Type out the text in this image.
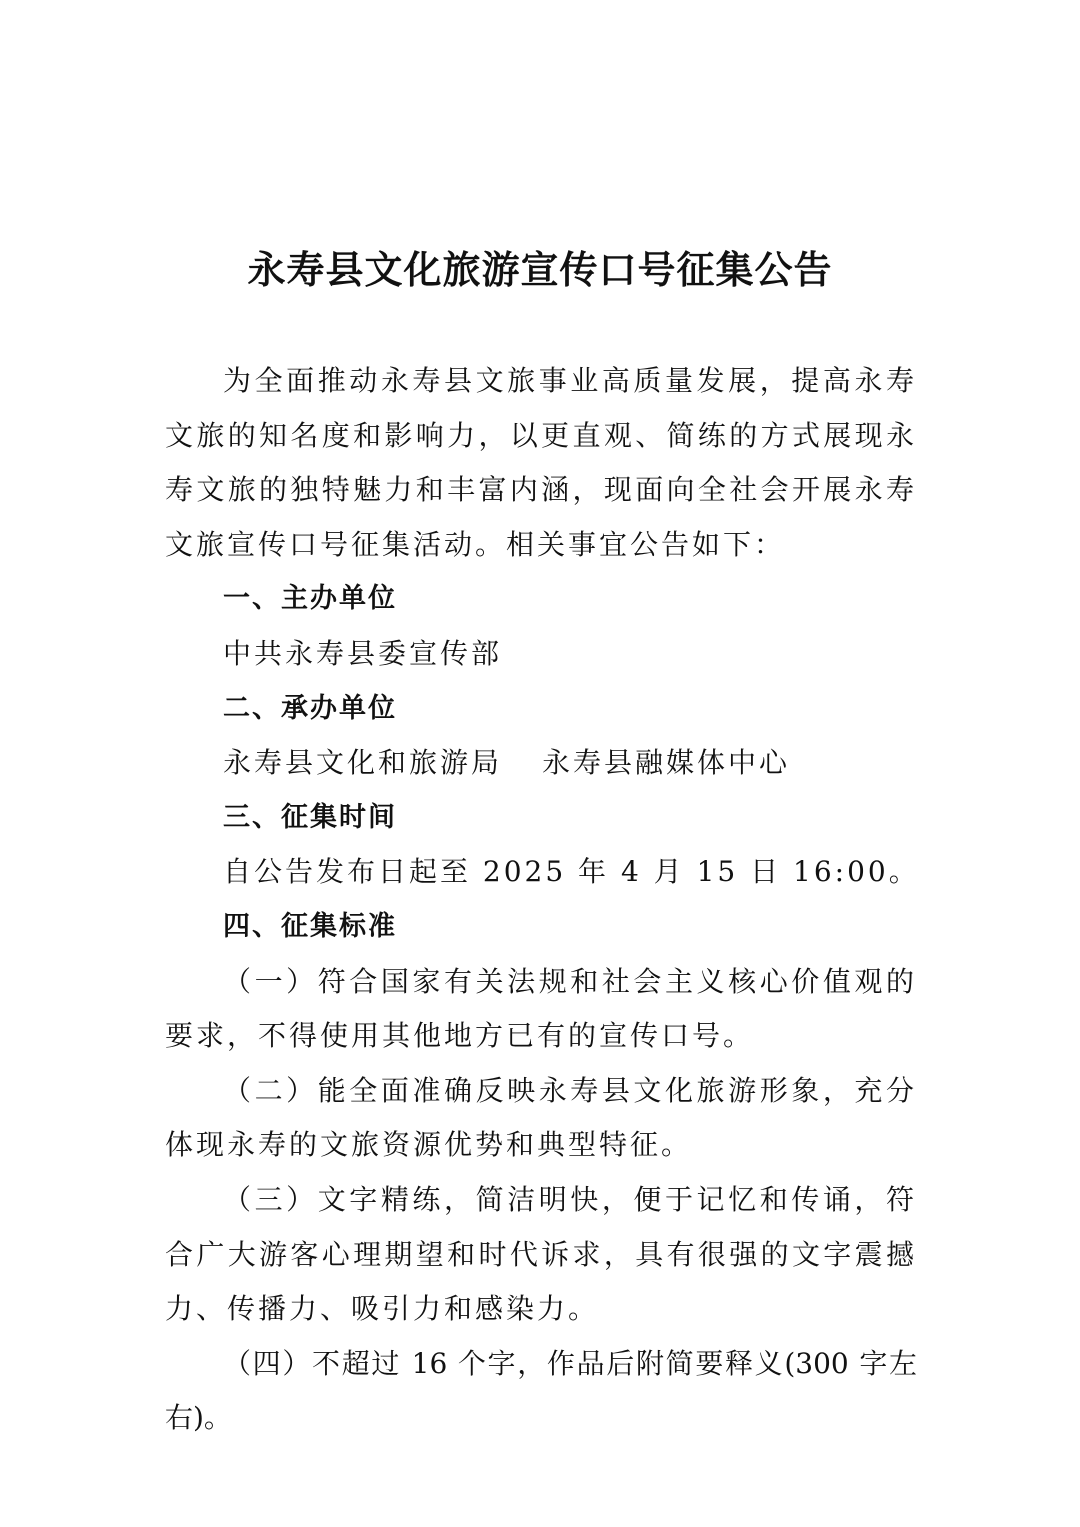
永寿县文化旅游宣传口号征集公告

为全面推动永寿县文旅事业高质量发展，提高永寿文旅的知名度和影响力，以更直观、简练的方式展现永寿文旅的独特魅力和丰富内涵，现面向全社会开展永寿文旅宣传口号征集活动。相关事宜公告如下：

一、主办单位

中共永寿县委宣传部

二、承办单位

永寿县文化和旅游局 永寿县融媒体中心

三、征集时间

自公告发布日起至 2025 年 4 月 15 日 16:00。

四、征集标准

（一）符合国家有关法规和社会主义核心价值观的要求，不得使用其他地方已有的宣传口号。

（二）能全面准确反映永寿县文化旅游形象，充分体现永寿的文旅资源优势和典型特征。

（三）文字精练，简洁明快，便于记忆和传诵，符合广大游客心理期望和时代诉求，具有很强的文字震撼力、传播力、吸引力和感染力。

（四）不超过 16 个字，作品后附简要释义(300 字左右)。
